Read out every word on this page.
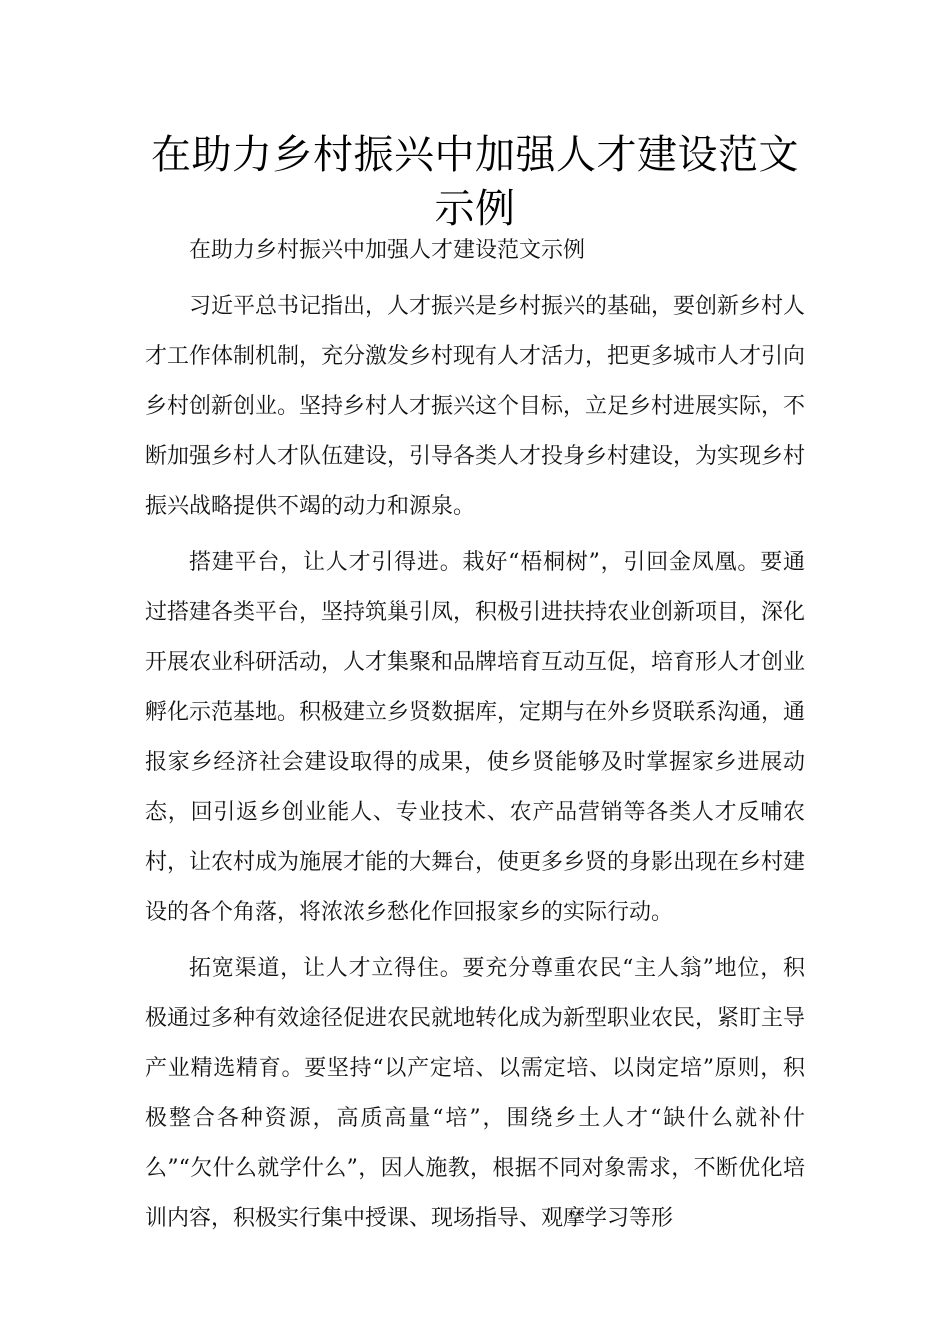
在助力乡村振兴中加强人才建设范文示例

在助力乡村振兴中加强人才建设范文示例

习近平总书记指出，人才振兴是乡村振兴的基础，要创新乡村人才工作体制机制，充分激发乡村现有人才活力，把更多城市人才引向乡村创新创业。坚持乡村人才振兴这个目标，立足乡村进展实际，不断加强乡村人才队伍建设，引导各类人才投身乡村建设，为实现乡村振兴战略提供不竭的动力和源泉。

搭建平台，让人才引得进。栽好“梧桐树”，引回金凤凰。要通过搭建各类平台，坚持筑巢引凤，积极引进扶持农业创新项目，深化开展农业科研活动，人才集聚和品牌培育互动互促，培育形人才创业孵化示范基地。积极建立乡贤数据库，定期与在外乡贤联系沟通，通报家乡经济社会建设取得的成果，使乡贤能够及时掌握家乡进展动态，回引返乡创业能人、专业技术、农产品营销等各类人才反哺农村，让农村成为施展才能的大舞台，使更多乡贤的身影出现在乡村建设的各个角落，将浓浓乡愁化作回报家乡的实际行动。

拓宽渠道，让人才立得住。要充分尊重农民“主人翁”地位，积极通过多种有效途径促进农民就地转化成为新型职业农民，紧盯主导产业精选精育。要坚持“以产定培、以需定培、以岗定培”原则，积极整合各种资源，高质高量“培”，围绕乡土人才“缺什么就补什么”“欠什么就学什么”，因人施教，根据不同对象需求，不断优化培训内容，积极实行集中授课、现场指导、观摩学习等形
